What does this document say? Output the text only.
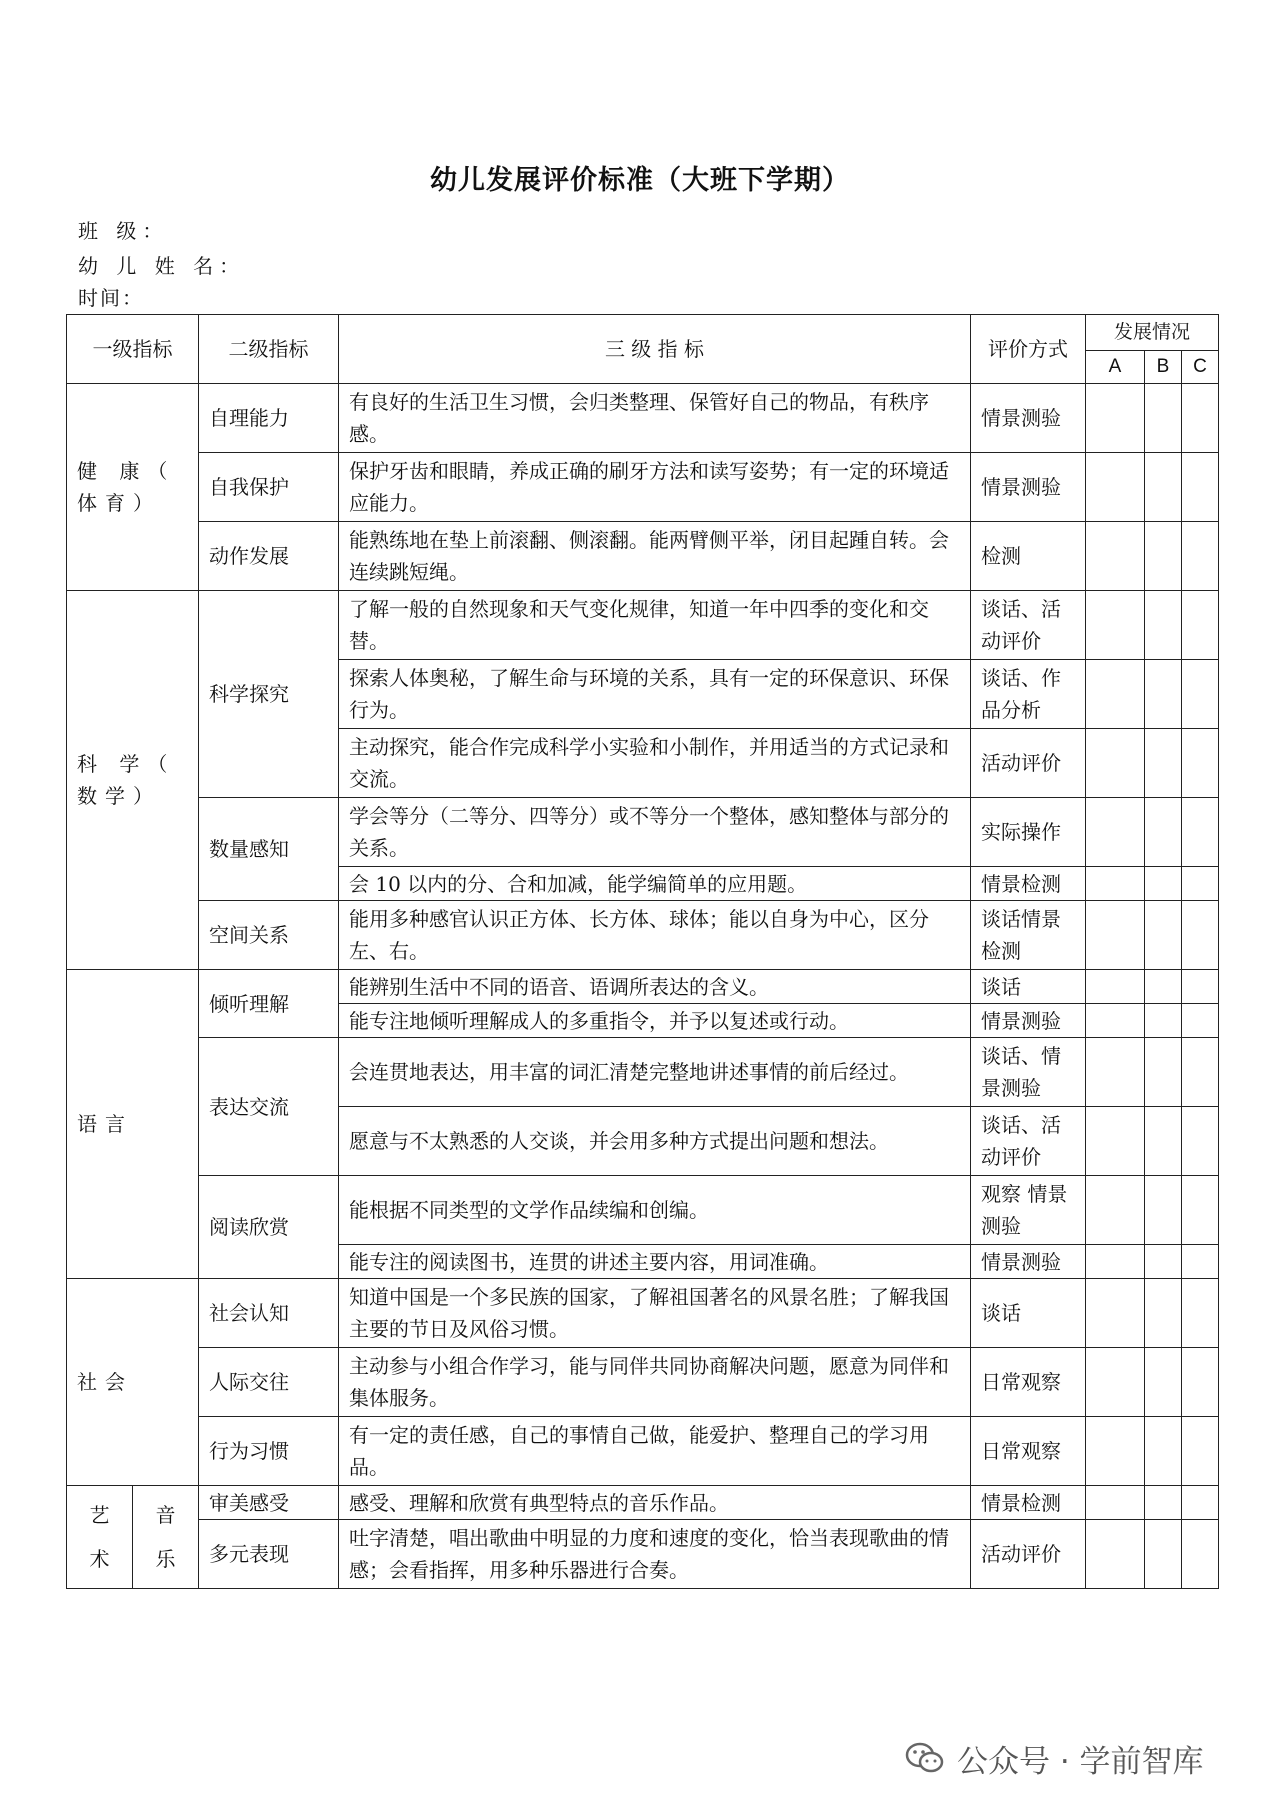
幼儿发展评价标准（大班下学期）
班 级：
幼 儿 姓 名：
时间：
一级指标		二级指标	三 级 指 标	评价方式	发展情况		
					A	B	C
健 康（ 体育）		自理能力	有良好的生活卫生习惯，会归类整理、保管好自己的物品，有秩序感。	情景测验			
		自我保护	保护牙齿和眼睛，养成正确的刷牙方法和读写姿势；有一定的环境适应能力。	情景测验			
		动作发展	能熟练地在垫上前滚翻、侧滚翻。能两臂侧平举，闭目起踵自转。会连续跳短绳。	检测			
科 学（ 数学）		科学探究	了解一般的自然现象和天气变化规律，知道一年中四季的变化和交替。	谈话、活动评价			
			探索人体奥秘，了解生命与环境的关系，具有一定的环保意识、环保行为。	谈话、作品分析			
			主动探究，能合作完成科学小实验和小制作，并用适当的方式记录和交流。	活动评价			
		数量感知	学会等分（二等分、四等分）或不等分一个整体，感知整体与部分的关系。	实际操作			
			会 10 以内的分、合和加减，能学编简单的应用题。	情景检测			
		空间关系	能用多种感官认识正方体、长方体、球体；能以自身为中心，区分左、右。	谈话情景检测			
语言		倾听理解	能辨别生活中不同的语音、语调所表达的含义。	谈话			
			能专注地倾听理解成人的多重指令，并予以复述或行动。	情景测验			
		表达交流	会连贯地表达，用丰富的词汇清楚完整地讲述事情的前后经过。	谈话、情景测验			
			愿意与不太熟悉的人交谈，并会用多种方式提出问题和想法。	谈话、活动评价			
		阅读欣赏	能根据不同类型的文学作品续编和创编。	观察 情景测验			
			能专注的阅读图书，连贯的讲述主要内容，用词准确。	情景测验			
社会		社会认知	知道中国是一个多民族的国家，了解祖国著名的风景名胜；了解我国主要的节日及风俗习惯。	谈话			
		人际交往	主动参与小组合作学习，能与同伴共同协商解决问题，愿意为同伴和集体服务。	日常观察			
		行为习惯	有一定的责任感，自己的事情自己做，能爱护、整理自己的学习用品。	日常观察			

艺术	音乐	审美感受	感受、理解和欣赏有典型特点的音乐作品。	情景检测			
		多元表现	吐字清楚，唱出歌曲中明显的力度和速度的变化，恰当表现歌曲的情感；会看指挥，用多种乐器进行合奏。	活动评价			
公众号 · 学前智库
